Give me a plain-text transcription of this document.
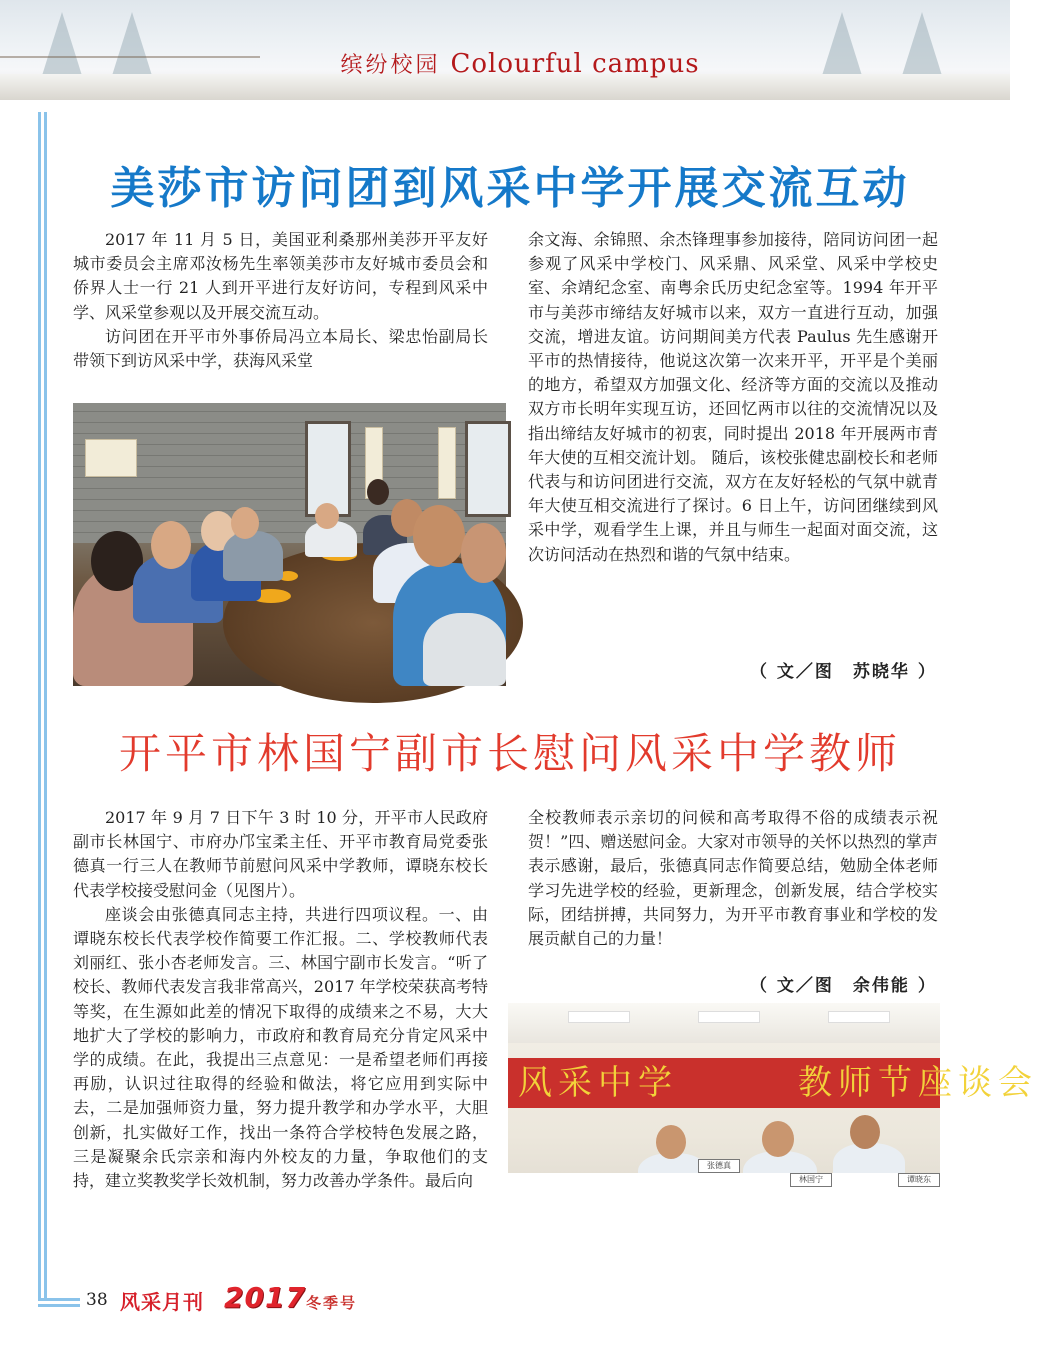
缤纷校园 Colourful campus
美莎市访问团到风采中学开展交流互动

2017 年 11 月 5 日，美国亚利桑那州美莎开平友好城市委员会主席邓汝杨先生率领美莎市友好城市委员会和侨界人士一行 21 人到开平进行友好访问，专程到风采中学、风采堂参观以及开展交流互动。

访问团在开平市外事侨局冯立本局长、梁忠怡副局长带领下到访风采中学，获海风采堂

余文海、余锦照、余杰锋理事参加接待，陪同访问团一起参观了风采中学校门、风采鼎、风采堂、风采中学校史室、余靖纪念室、南粤余氏历史纪念室等。1994 年开平市与美莎市缔结友好城市以来，双方一直进行互动，加强交流，增进友谊。访问期间美方代表 Paulus 先生感谢开平市的热情接待，他说这次第一次来开平，开平是个美丽的地方，希望双方加强文化、经济等方面的交流以及推动双方市长明年实现互访，还回忆两市以往的交流情况以及指出缔结友好城市的初衷，同时提出 2018 年开展两市青年大使的互相交流计划。 随后，该校张健忠副校长和老师代表与和访问团进行交流，双方在友好轻松的气氛中就青年大使互相交流进行了探讨。6 日上午，访问团继续到风采中学，观看学生上课，并且与师生一起面对面交流，这次访问活动在热烈和谐的气氛中结束。

（ 文／图　苏晓华 ）
开平市林国宁副市长慰问风采中学教师

2017 年 9 月 7 日下午 3 时 10 分，开平市人民政府副市长林国宁、市府办邝宝柔主任、开平市教育局党委张德真一行三人在教师节前慰问风采中学教师，谭晓东校长代表学校接受慰问金（见图片）。

座谈会由张德真同志主持，共进行四项议程。一、由谭晓东校长代表学校作简要工作汇报。二、学校教师代表刘丽红、张小杏老师发言。三、林国宁副市长发言。“听了校长、教师代表发言我非常高兴，2017 年学校荣获高考特等奖，在生源如此差的情况下取得的成绩来之不易，大大地扩大了学校的影响力，市政府和教育局充分肯定风采中学的成绩。在此，我提出三点意见：一是希望老师们再接再励，认识过往取得的经验和做法，将它应用到实际中去，二是加强师资力量，努力提升教学和办学水平，大胆创新，扎实做好工作，找出一条符合学校特色发展之路，三是凝聚余氏宗亲和海内外校友的力量，争取他们的支持，建立奖教奖学长效机制，努力改善办学条件。最后向

全校教师表示亲切的问候和高考取得不俗的成绩表示祝贺！”四、赠送慰问金。大家对市领导的关怀以热烈的掌声表示感谢，最后，张德真同志作简要总结，勉励全体老师学习先进学校的经验，更新理念，创新发展，结合学校实际，团结拼搏，共同努力，为开平市教育事业和学校的发展贡献自己的力量！

（ 文／图　余伟能 ）
风采中学　　　教师节座谈会
张德真
林国宁	谭晓东
38 风采月刊 2017 冬季号
